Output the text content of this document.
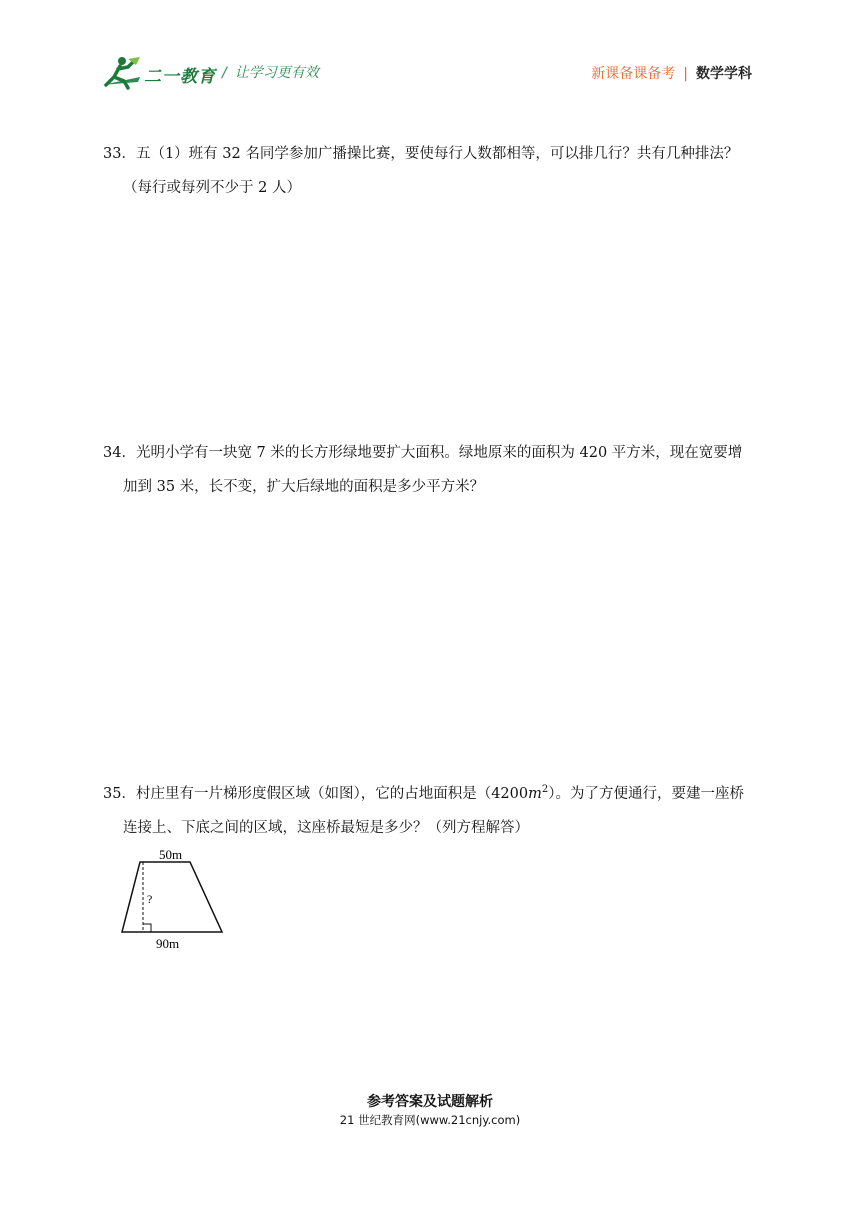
二一教育 / 让学习更有效	新课备课备考 | 数学学科

33．五（1）班有 32 名同学参加广播操比赛，要使每行人数都相等，可以排几行？共有几种排法？

（每行或每列不少于 2 人）

34．光明小学有一块宽 7 米的长方形绿地要扩大面积。绿地原来的面积为 420 平方米，现在宽要增

加到 35 米，长不变，扩大后绿地的面积是多少平方米？

35．村庄里有一片梯形度假区域（如图），它的占地面积是$(4200m^2)$。为了方便通行，要建一座桥

连接上、下底之间的区域，这座桥最短是多少？（列方程解答）

50m
90m
?
参考答案及试题解析
21 世纪教育网(www.21cnjy.com)
